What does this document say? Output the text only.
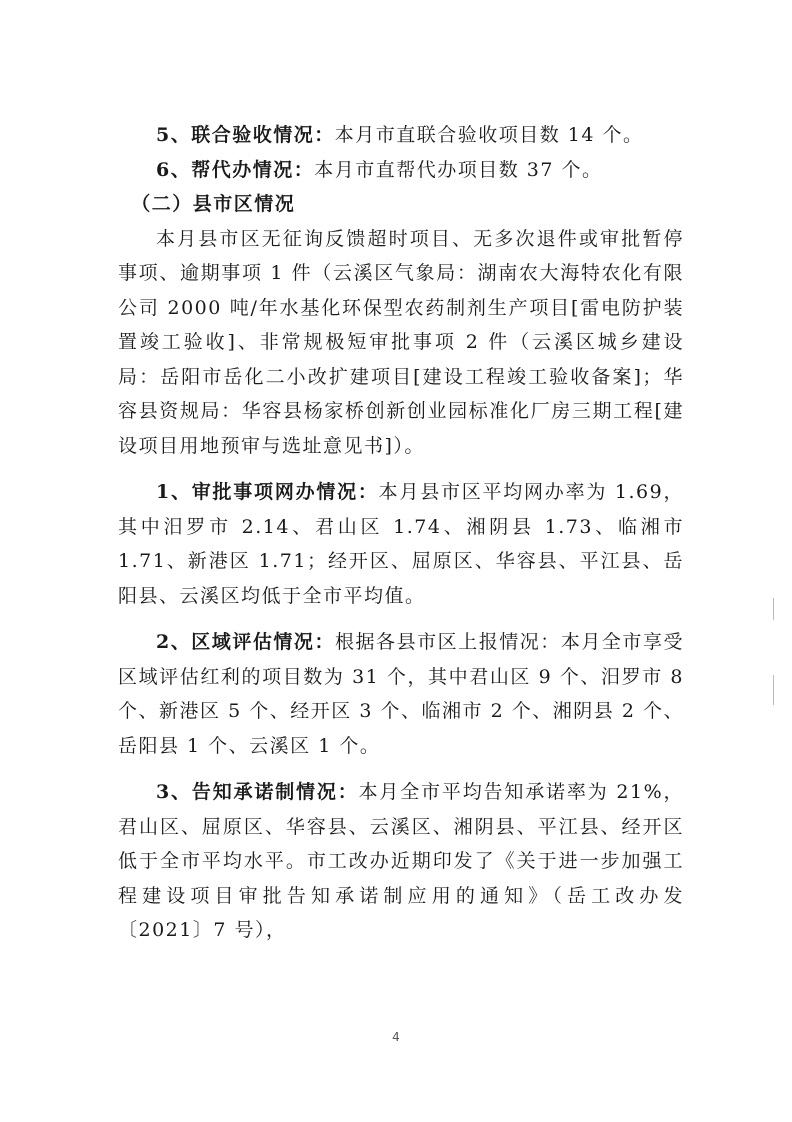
5、联合验收情况：本月市直联合验收项目数 14 个。

6、帮代办情况：本月市直帮代办项目数 37 个。

（二）县市区情况

本月县市区无征询反馈超时项目、无多次退件或审批暂停事项、逾期事项 1 件（云溪区气象局：湖南农大海特农化有限公司 2000 吨/年水基化环保型农药制剂生产项目[雷电防护装置竣工验收]、非常规极短审批事项 2 件（云溪区城乡建设局：岳阳市岳化二小改扩建项目[建设工程竣工验收备案]；华容县资规局：华容县杨家桥创新创业园标准化厂房三期工程[建设项目用地预审与选址意见书]）。

1、审批事项网办情况：本月县市区平均网办率为 1.69，其中汨罗市 2.14、君山区 1.74、湘阴县 1.73、临湘市 1.71、新港区 1.71；经开区、屈原区、华容县、平江县、岳阳县、云溪区均低于全市平均值。

2、区域评估情况：根据各县市区上报情况：本月全市享受区域评估红利的项目数为 31 个，其中君山区 9 个、汨罗市 8 个、新港区 5 个、经开区 3 个、临湘市 2 个、湘阴县 2 个、岳阳县 1 个、云溪区 1 个。

3、告知承诺制情况：本月全市平均告知承诺率为 21%，君山区、屈原区、华容县、云溪区、湘阴县、平江县、经开区低于全市平均水平。市工改办近期印发了《关于进一步加强工程建设项目审批告知承诺制应用的通知》（岳工改办发〔2021〕7 号），

4
